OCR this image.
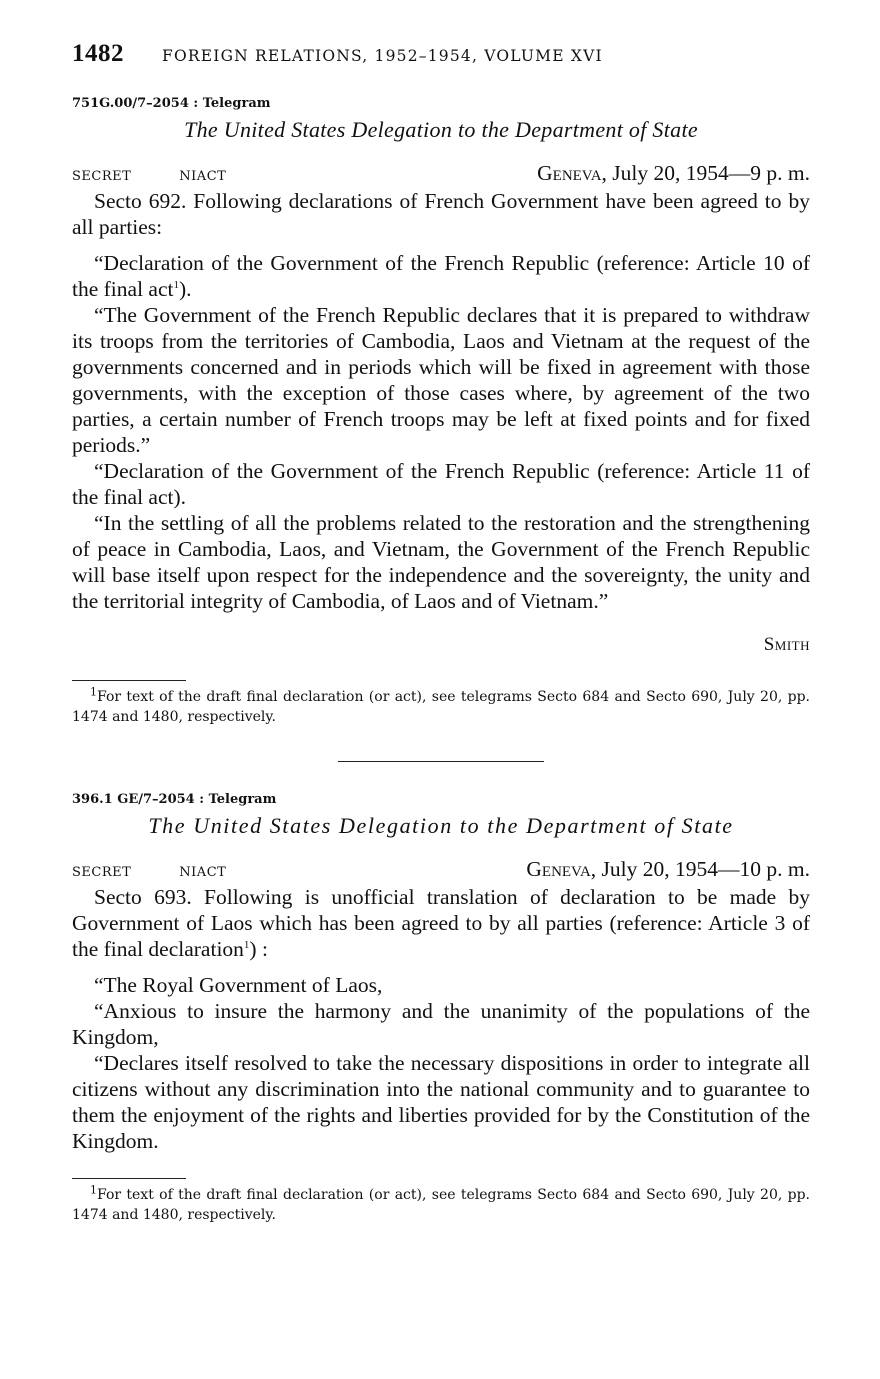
1482 FOREIGN RELATIONS, 1952–1954, VOLUME XVI
751G.00/7–2054 : Telegram
The United States Delegation to the Department of State
SECRET	NIACT	Geneva, July 20, 1954—9 p. m.

Secto 692. Following declarations of French Government have been agreed to by all parties:

“Declaration of the Government of the French Republic (reference: Article 10 of the final act$^1$).

“The Government of the French Republic declares that it is prepared to withdraw its troops from the territories of Cambodia, Laos and Vietnam at the request of the governments concerned and in periods which will be fixed in agreement with those governments, with the exception of those cases where, by agreement of the two parties, a certain number of French troops may be left at fixed points and for fixed periods.”

“Declaration of the Government of the French Republic (reference: Article 11 of the final act).

“In the settling of all the problems related to the restoration and the strengthening of peace in Cambodia, Laos, and Vietnam, the Government of the French Republic will base itself upon respect for the independence and the sovereignty, the unity and the territorial integrity of Cambodia, of Laos and of Vietnam.”

Smith
$^1$For text of the draft final declaration (or act), see telegrams Secto 684 and Secto 690, July 20, pp. 1474 and 1480, respectively.
396.1 GE/7–2054 : Telegram
The United States Delegation to the Department of State
SECRET	NIACT	Geneva, July 20, 1954—10 p. m.

Secto 693. Following is unofficial translation of declaration to be made by Government of Laos which has been agreed to by all parties (reference: Article 3 of the final declaration$^1$) :

“The Royal Government of Laos,

“Anxious to insure the harmony and the unanimity of the populations of the Kingdom,

“Declares itself resolved to take the necessary dispositions in order to integrate all citizens without any discrimination into the national community and to guarantee to them the enjoyment of the rights and liberties provided for by the Constitution of the Kingdom.

$^1$For text of the draft final declaration (or act), see telegrams Secto 684 and Secto 690, July 20, pp. 1474 and 1480, respectively.
